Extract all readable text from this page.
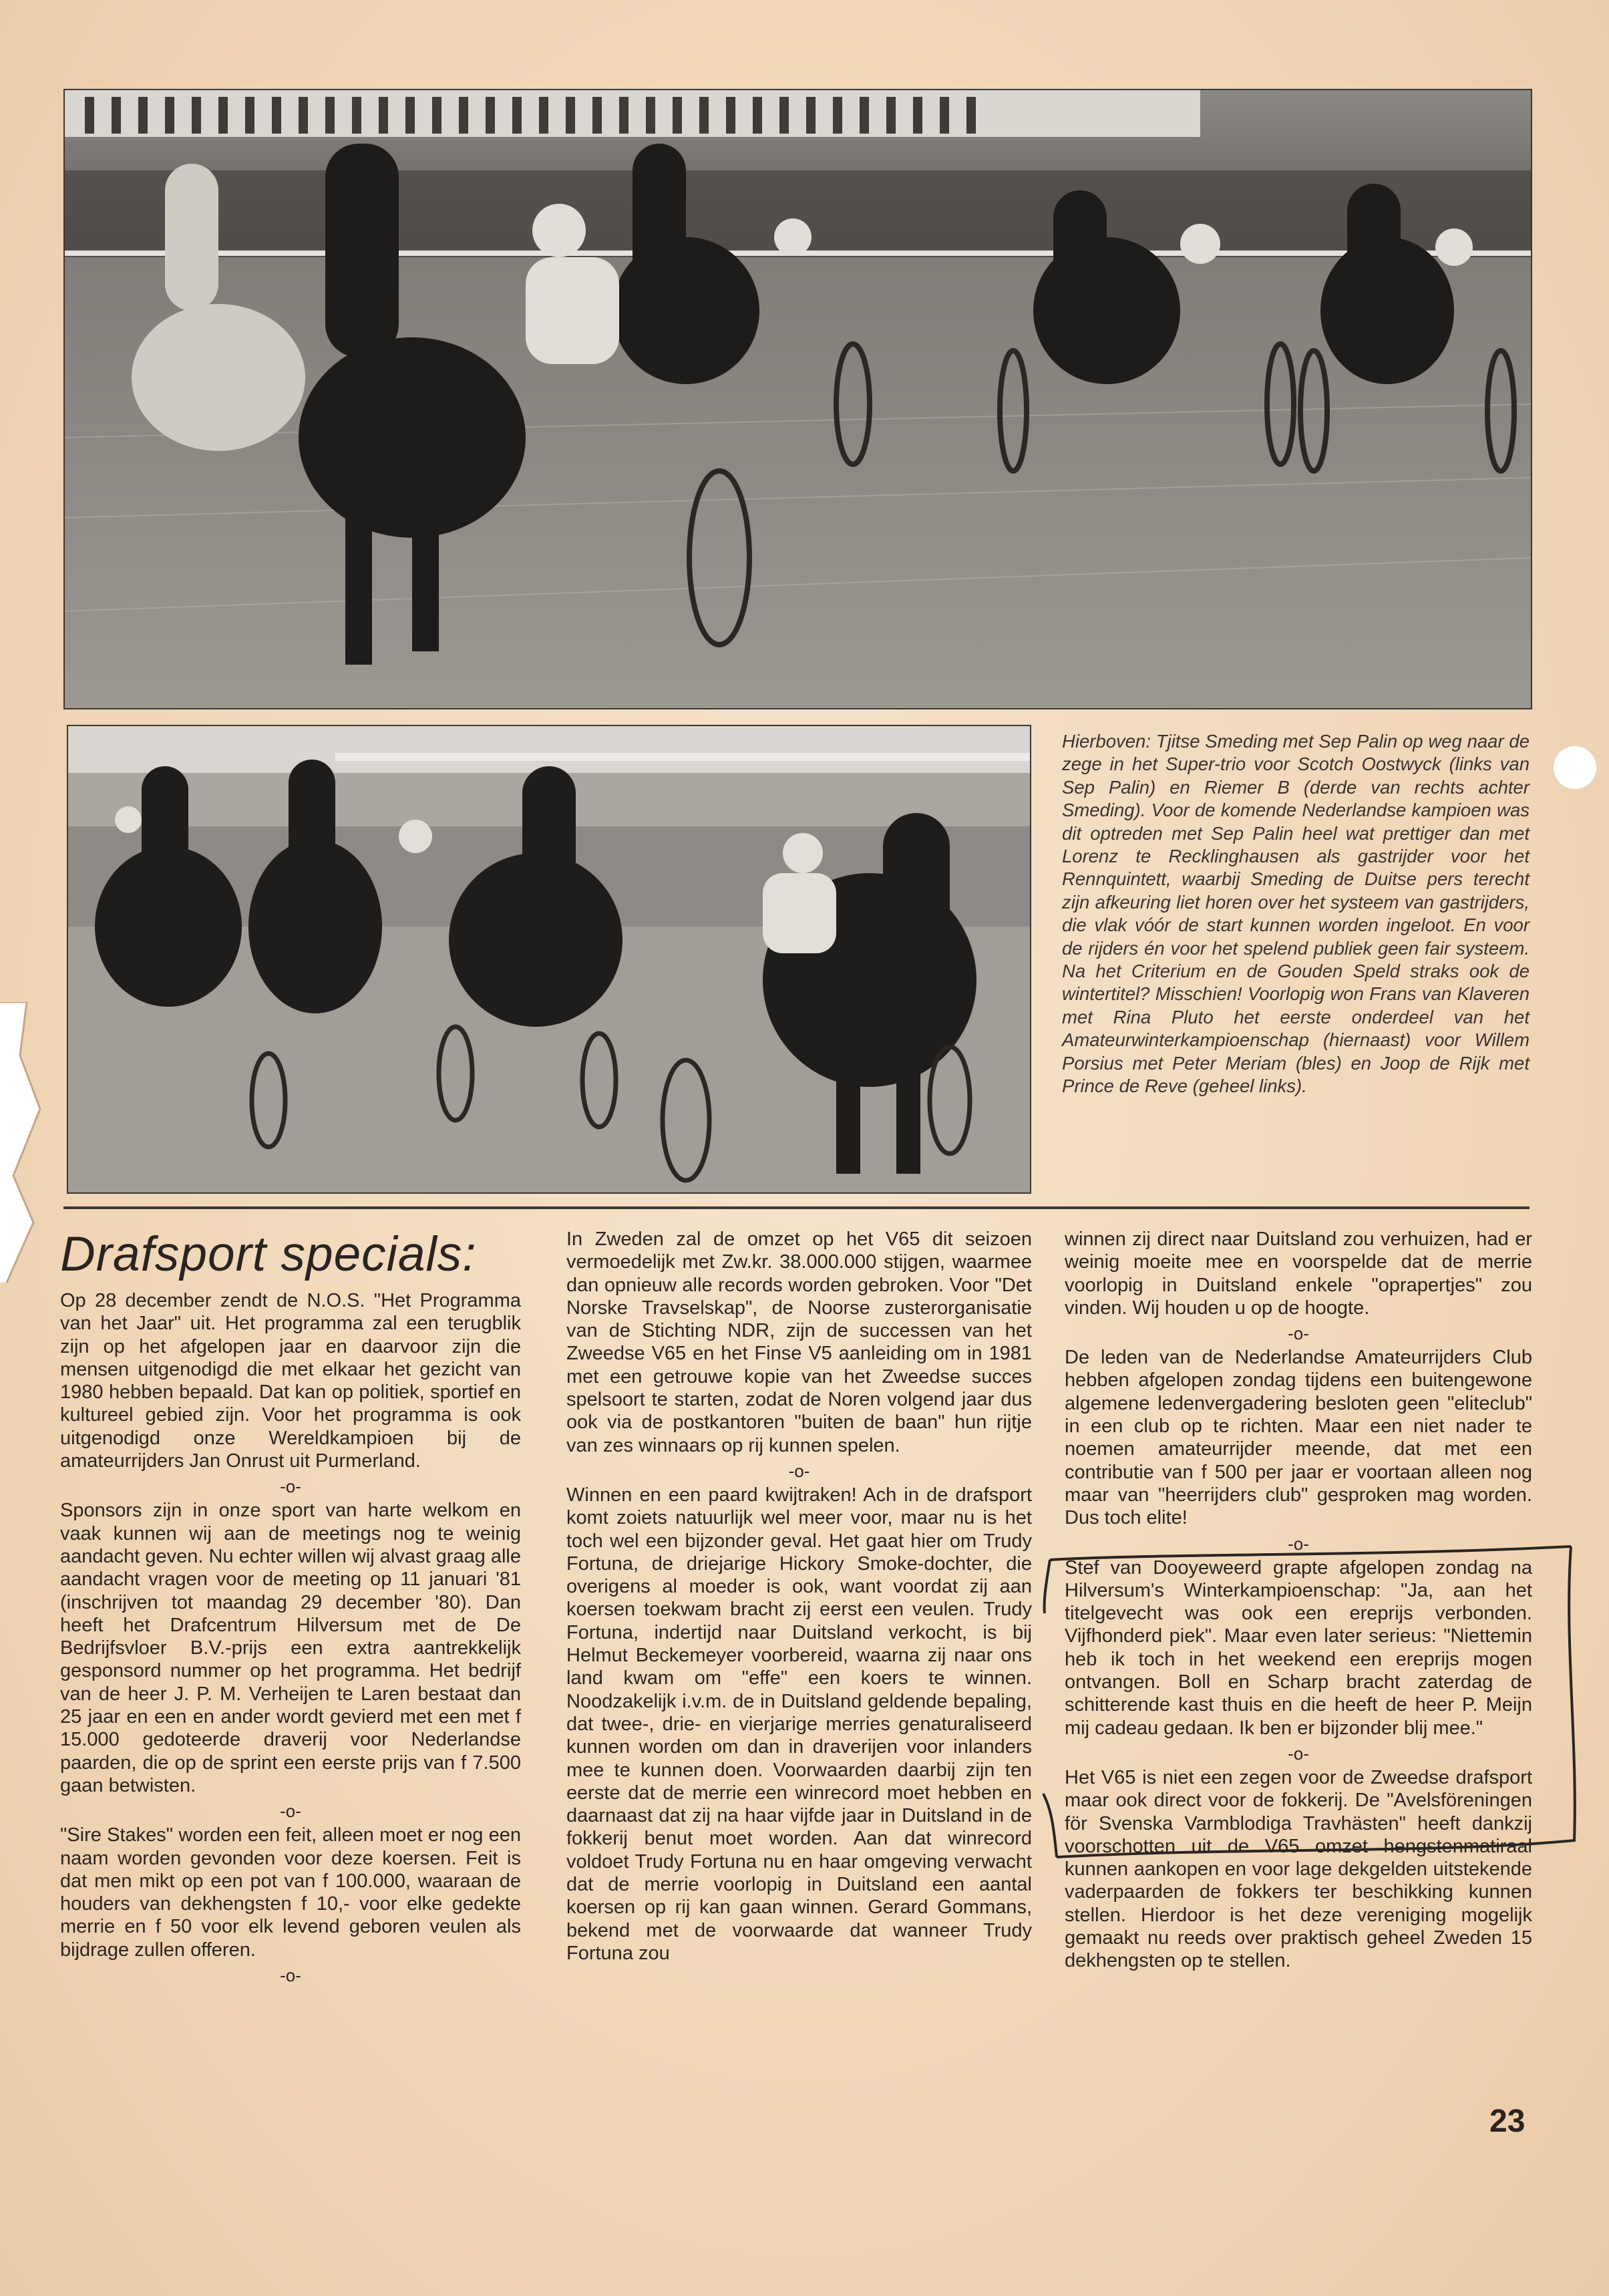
Hierboven: Tjitse Smeding met Sep Palin op weg naar de zege in het Super-trio voor Scotch Oostwyck (links van Sep Palin) en Riemer B (derde van rechts achter Smeding). Voor de komende Nederlandse kampioen was dit optreden met Sep Palin heel wat prettiger dan met Lorenz te Recklinghausen als gastrijder voor het Rennquintett, waarbij Smeding de Duitse pers terecht zijn afkeuring liet horen over het systeem van gastrijders, die vlak vóór de start kunnen worden ingeloot. En voor de rijders én voor het spelend publiek geen fair systeem. Na het Criterium en de Gouden Speld straks ook de wintertitel? Misschien! Voorlopig won Frans van Klaveren met Rina Pluto het eerste onderdeel van het Amateurwinterkampioenschap (hiernaast) voor Willem Porsius met Peter Meriam (bles) en Joop de Rijk met Prince de Reve (geheel links).

Drafsport specials:

Op 28 december zendt de N.O.S. "Het Programma van het Jaar" uit. Het programma zal een terugblik zijn op het afgelopen jaar en daarvoor zijn die mensen uitgenodigd die met elkaar het gezicht van 1980 hebben bepaald. Dat kan op politiek, sportief en kultureel gebied zijn. Voor het programma is ook uitgenodigd onze Wereldkampioen bij de amateurrijders Jan Onrust uit Purmerland.

-o-

Sponsors zijn in onze sport van harte welkom en vaak kunnen wij aan de meetings nog te weinig aandacht geven. Nu echter willen wij alvast graag alle aandacht vragen voor de meeting op 11 januari '81 (inschrijven tot maandag 29 december '80). Dan heeft het Drafcentrum Hilversum met de De Bedrijfsvloer B.V.-prijs een extra aantrekkelijk gesponsord nummer op het programma. Het bedrijf van de heer J. P. M. Verheijen te Laren bestaat dan 25 jaar en een en ander wordt gevierd met een met f 15.000 gedoteerde draverij voor Nederlandse paarden, die op de sprint een eerste prijs van f 7.500 gaan betwisten.

-o-

"Sire Stakes" worden een feit, alleen moet er nog een naam worden gevonden voor deze koersen. Feit is dat men mikt op een pot van f 100.000, waaraan de houders van dekhengsten f 10,- voor elke gedekte merrie en f 50 voor elk levend geboren veulen als bijdrage zullen offeren.

-o-

In Zweden zal de omzet op het V65 dit seizoen vermoedelijk met Zw.kr. 38.000.000 stijgen, waarmee dan opnieuw alle records worden gebroken. Voor "Det Norske Travselskap", de Noorse zusterorganisatie van de Stichting NDR, zijn de successen van het Zweedse V65 en het Finse V5 aanleiding om in 1981 met een getrouwe kopie van het Zweedse succes spelsoort te starten, zodat de Noren volgend jaar dus ook via de postkantoren "buiten de baan" hun rijtje van zes winnaars op rij kunnen spelen.

-o-

Winnen en een paard kwijtraken! Ach in de drafsport komt zoiets natuurlijk wel meer voor, maar nu is het toch wel een bijzonder geval. Het gaat hier om Trudy Fortuna, de driejarige Hickory Smoke-dochter, die overigens al moeder is ook, want voordat zij aan koersen toekwam bracht zij eerst een veulen. Trudy Fortuna, indertijd naar Duitsland verkocht, is bij Helmut Beckemeyer voorbereid, waarna zij naar ons land kwam om "effe" een koers te winnen. Noodzakelijk i.v.m. de in Duitsland geldende bepaling, dat twee-, drie- en vierjarige merries genaturaliseerd kunnen worden om dan in draverijen voor inlanders mee te kunnen doen. Voorwaarden daarbij zijn ten eerste dat de merrie een winrecord moet hebben en daarnaast dat zij na haar vijfde jaar in Duitsland in de fokkerij benut moet worden. Aan dat winrecord voldoet Trudy Fortuna nu en haar omgeving verwacht dat de merrie voorlopig in Duitsland een aantal koersen op rij kan gaan winnen. Gerard Gommans, bekend met de voorwaarde dat wanneer Trudy Fortuna zou

winnen zij direct naar Duitsland zou verhuizen, had er weinig moeite mee en voorspelde dat de merrie voorlopig in Duitsland enkele "oprapertjes" zou vinden. Wij houden u op de hoogte.

-o-

De leden van de Nederlandse Amateurrijders Club hebben afgelopen zondag tijdens een buitengewone algemene ledenvergadering besloten geen "eliteclub" in een club op te richten. Maar een niet nader te noemen amateurrijder meende, dat met een contributie van f 500 per jaar er voortaan alleen nog maar van "heerrijders club" gesproken mag worden. Dus toch elite!

-o-

Stef van Dooyeweerd grapte afgelopen zondag na Hilversum's Winterkampioenschap: "Ja, aan het titelgevecht was ook een ereprijs verbonden. Vijfhonderd piek". Maar even later serieus: "Niettemin heb ik toch in het weekend een ereprijs mogen ontvangen. Boll en Scharp bracht zaterdag de schitterende kast thuis en die heeft de heer P. Meijn mij cadeau gedaan. Ik ben er bijzonder blij mee."

-o-

Het V65 is niet een zegen voor de Zweedse drafsport maar ook direct voor de fokkerij. De "Avelsföreningen för Svenska Varmblodiga Travhästen" heeft dankzij voorschotten uit de V65 omzet hengstenmatiraal kunnen aankopen en voor lage dekgelden uitstekende vaderpaarden de fokkers ter beschikking kunnen stellen. Hierdoor is het deze vereniging mogelijk gemaakt nu reeds over praktisch geheel Zweden 15 dekhengsten op te stellen.

23
